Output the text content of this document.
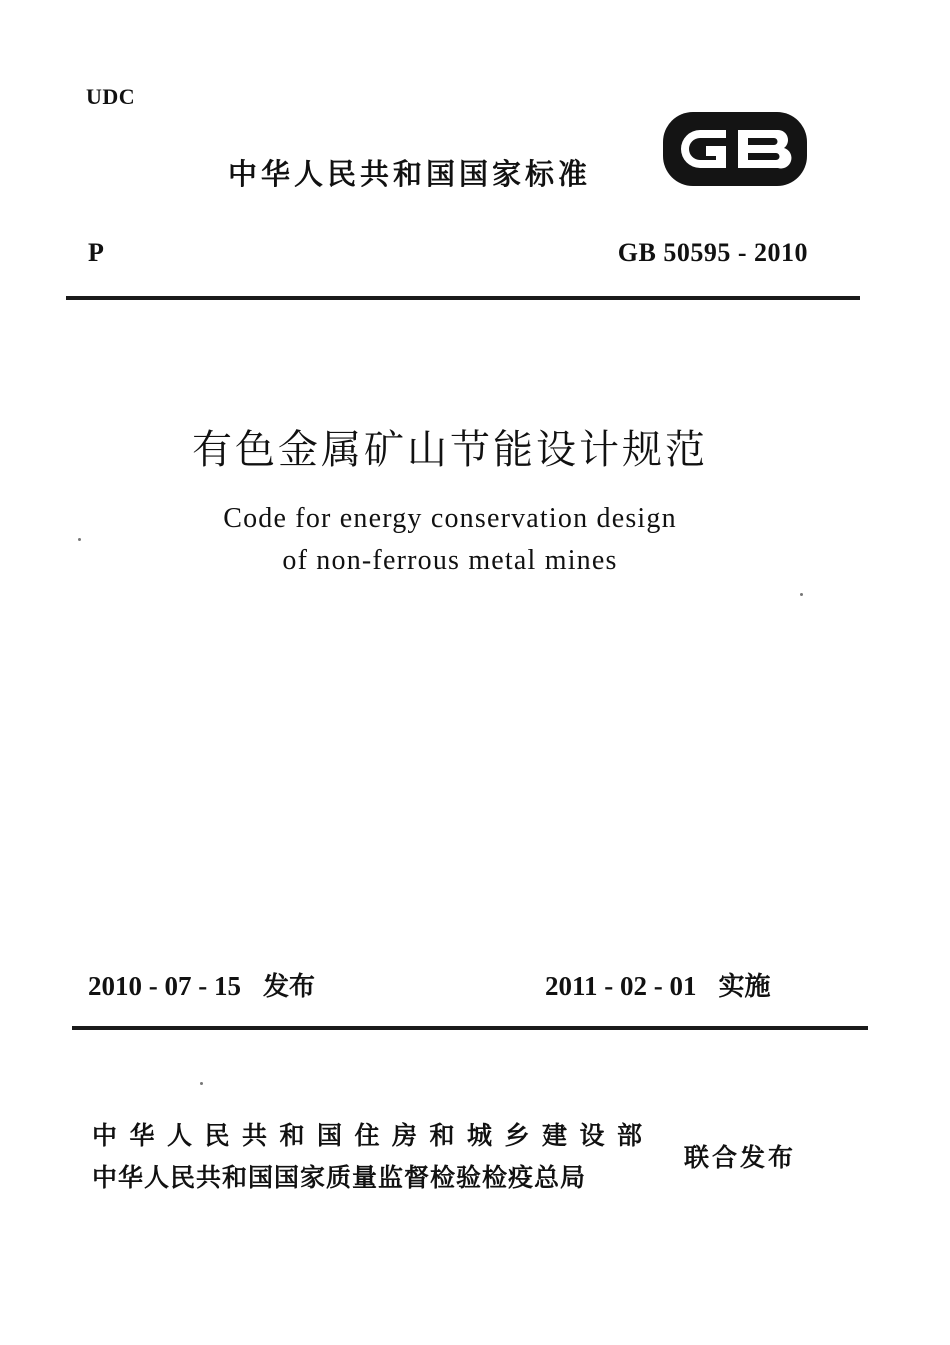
UDC
中华人民共和国国家标准	GB
P	GB 50595 - 2010
有色金属矿山节能设计规范
Code for energy conservation design
of non-ferrous metal mines
2010 - 07 - 15 发布	2011 - 02 - 01 实施
中华人民共和国住房和城乡建设部
中华人民共和国国家质量监督检验检疫总局
联合发布
